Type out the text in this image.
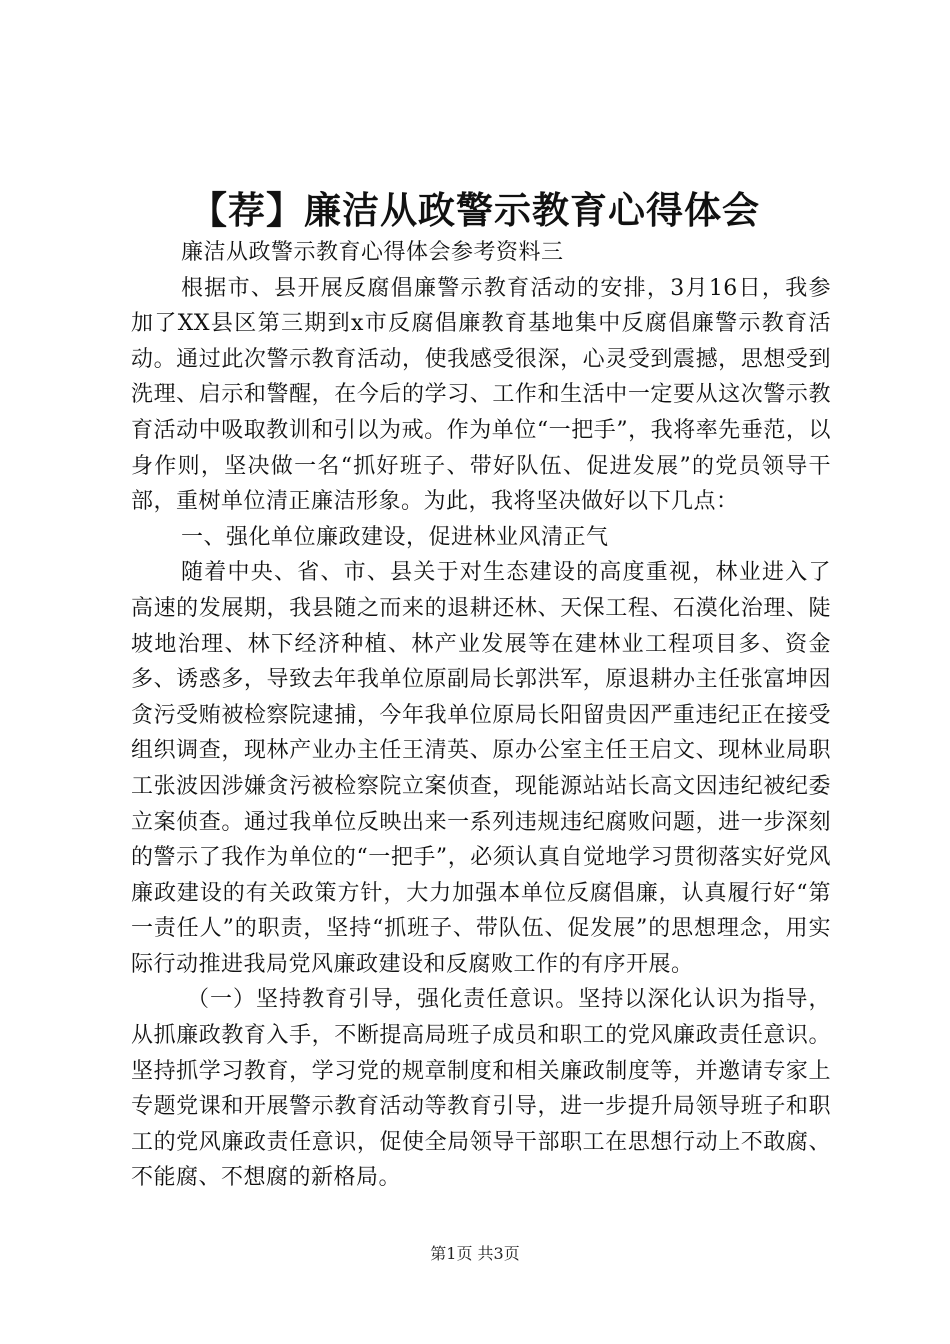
【荐】廉洁从政警示教育心得体会

廉洁从政警示教育心得体会参考资料三

根据市、县开展反腐倡廉警示教育活动的安排，3月16日，我参加了XX县区第三期到x市反腐倡廉教育基地集中反腐倡廉警示教育活动。通过此次警示教育活动，使我感受很深，心灵受到震撼，思想受到洗理、启示和警醒，在今后的学习、工作和生活中一定要从这次警示教育活动中吸取教训和引以为戒。作为单位“一把手”，我将率先垂范，以身作则，坚决做一名“抓好班子、带好队伍、促进发展”的党员领导干部，重树单位清正廉洁形象。为此，我将坚决做好以下几点：

一、强化单位廉政建设，促进林业风清正气

随着中央、省、市、县关于对生态建设的高度重视，林业进入了高速的发展期，我县随之而来的退耕还林、天保工程、石漠化治理、陡坡地治理、林下经济种植、林产业发展等在建林业工程项目多、资金多、诱惑多，导致去年我单位原副局长郭洪军，原退耕办主任张富坤因贪污受贿被检察院逮捕，今年我单位原局长阳留贵因严重违纪正在接受组织调查，现林产业办主任王清英、原办公室主任王启文、现林业局职工张波因涉嫌贪污被检察院立案侦查，现能源站站长高文因违纪被纪委立案侦查。通过我单位反映出来一系列违规违纪腐败问题，进一步深刻的警示了我作为单位的“一把手”，必须认真自觉地学习贯彻落实好党风廉政建设的有关政策方针，大力加强本单位反腐倡廉，认真履行好“第一责任人”的职责，坚持“抓班子、带队伍、促发展”的思想理念，用实际行动推进我局党风廉政建设和反腐败工作的有序开展。

（一）坚持教育引导，强化责任意识。坚持以深化认识为指导，从抓廉政教育入手，不断提高局班子成员和职工的党风廉政责任意识。坚持抓学习教育，学习党的规章制度和相关廉政制度等，并邀请专家上专题党课和开展警示教育活动等教育引导，进一步提升局领导班子和职工的党风廉政责任意识，促使全局领导干部职工在思想行动上不敢腐、不能腐、不想腐的新格局。

第1页 共3页
